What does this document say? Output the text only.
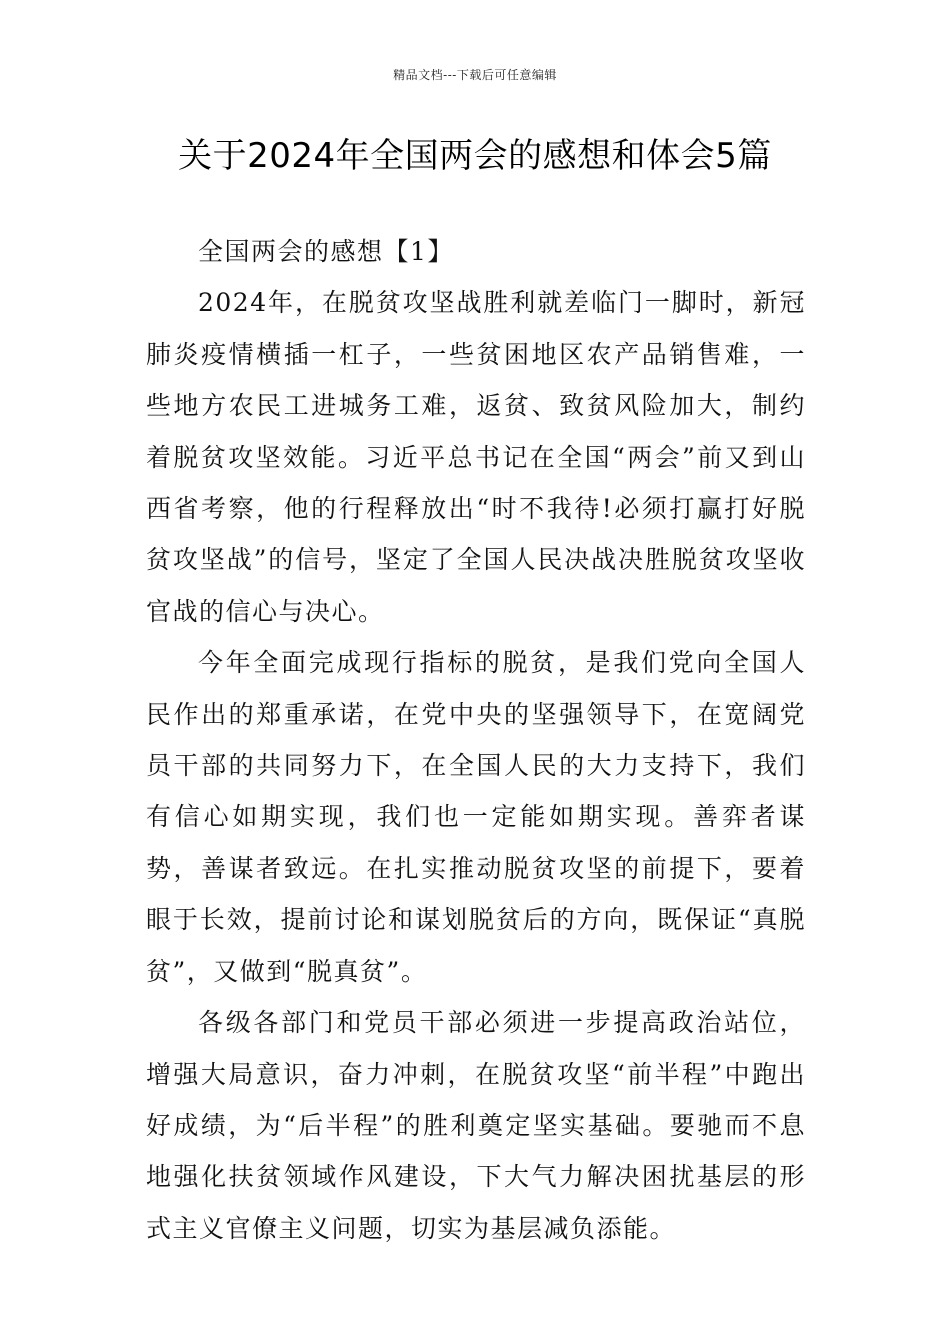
精品文档---下载后可任意编辑
关于2024年全国两会的感想和体会5篇

全国两会的感想【1】

2024年，在脱贫攻坚战胜利就差临门一脚时，新冠肺炎疫情横插一杠子，一些贫困地区农产品销售难，一些地方农民工进城务工难，返贫、致贫风险加大，制约着脱贫攻坚效能。习近平总书记在全国“两会”前又到山西省考察，他的行程释放出“时不我待!必须打赢打好脱贫攻坚战”的信号，坚定了全国人民决战决胜脱贫攻坚收官战的信心与决心。

今年全面完成现行指标的脱贫，是我们党向全国人民作出的郑重承诺，在党中央的坚强领导下，在宽阔党员干部的共同努力下，在全国人民的大力支持下，我们有信心如期实现，我们也一定能如期实现。善弈者谋势，善谋者致远。在扎实推动脱贫攻坚的前提下，要着眼于长效，提前讨论和谋划脱贫后的方向，既保证“真脱贫”，又做到“脱真贫”。

各级各部门和党员干部必须进一步提高政治站位，增强大局意识，奋力冲刺，在脱贫攻坚“前半程”中跑出好成绩，为“后半程”的胜利奠定坚实基础。要驰而不息地强化扶贫领域作风建设，下大气力解决困扰基层的形式主义官僚主义问题，切实为基层减负添能。
